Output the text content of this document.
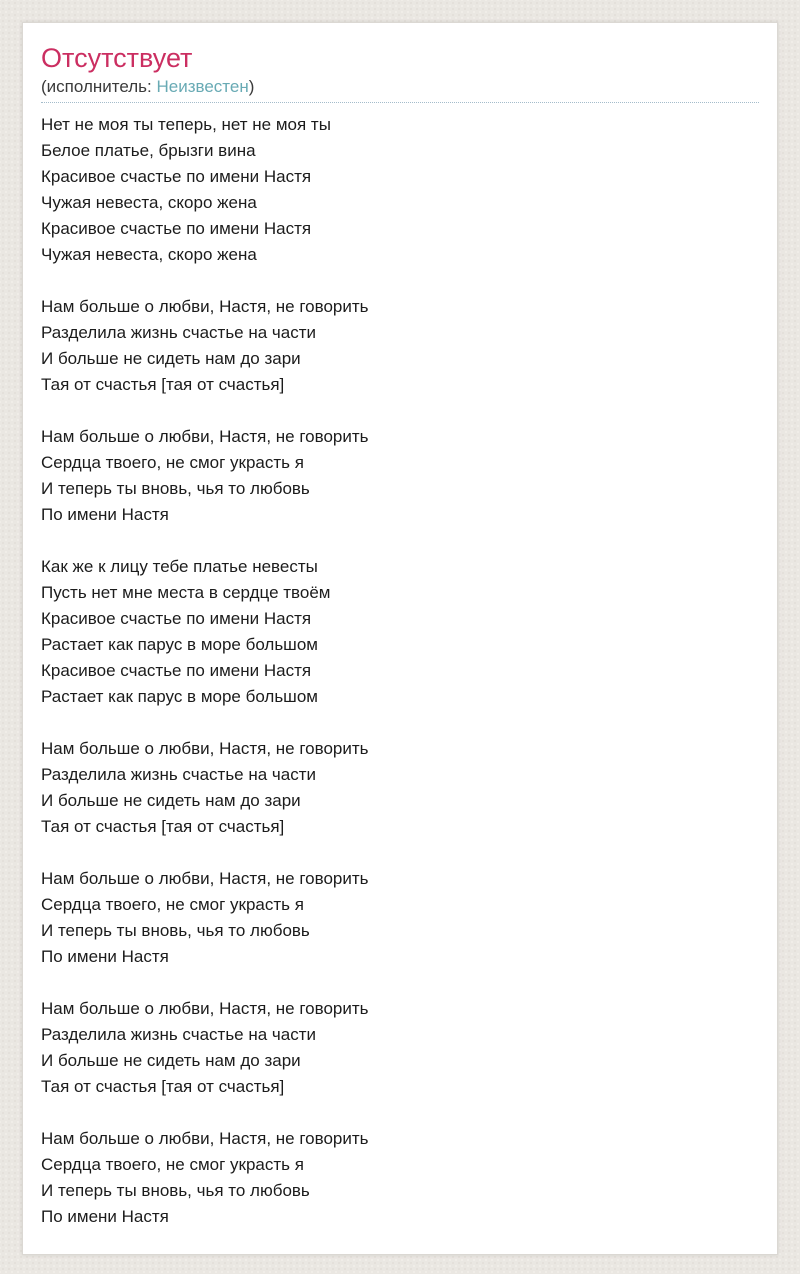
Отсутствует
(исполнитель: Неизвестен)

Нет не моя ты теперь, нет не моя ты
Белое платье, брызги вина
Красивое счастье по имени Настя
Чужая невеста, скоро жена
Красивое счастье по имени Настя
Чужая невеста, скоро жена

Нам больше о любви, Настя, не говорить
Разделила жизнь счастье на части
И больше не сидеть нам до зари
Тая от счастья [тая от счастья]

Нам больше о любви, Настя, не говорить
Сердца твоего, не смог украсть я
И теперь ты вновь, чья то любовь
По имени Настя

Как же к лицу тебе платье невесты
Пусть нет мне места в сердце твоём
Красивое счастье по имени Настя
Растает как парус в море большом
Красивое счастье по имени Настя
Растает как парус в море большом

Нам больше о любви, Настя, не говорить
Разделила жизнь счастье на части
И больше не сидеть нам до зари
Тая от счастья [тая от счастья]

Нам больше о любви, Настя, не говорить
Сердца твоего, не смог украсть я
И теперь ты вновь, чья то любовь
По имени Настя

Нам больше о любви, Настя, не говорить
Разделила жизнь счастье на части
И больше не сидеть нам до зари
Тая от счастья [тая от счастья]

Нам больше о любви, Настя, не говорить
Сердца твоего, не смог украсть я
И теперь ты вновь, чья то любовь
По имени Настя
